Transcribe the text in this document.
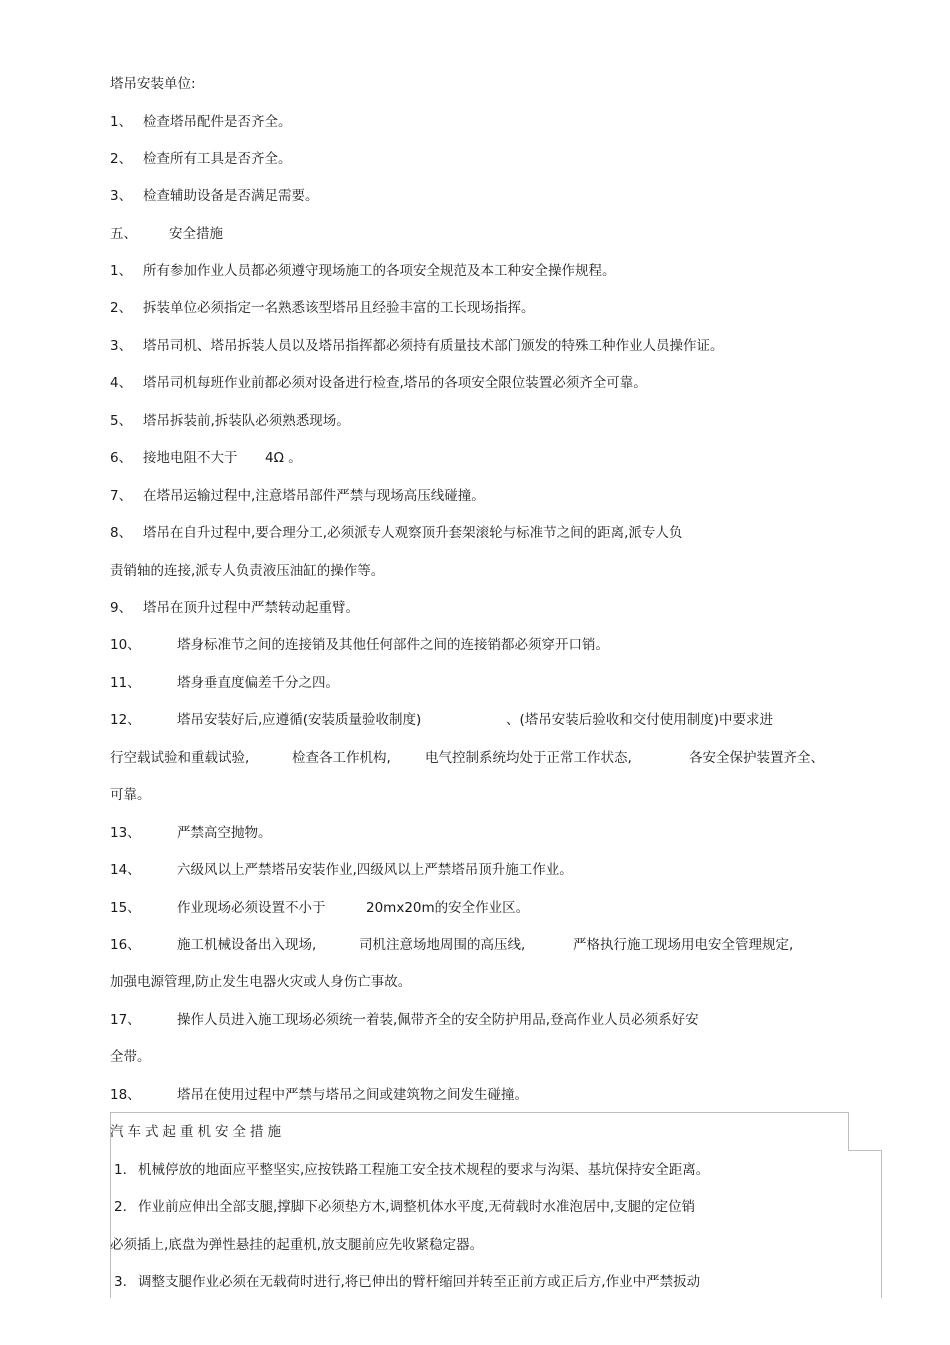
塔吊安装单位:
1、 检查塔吊配件是否齐全。
2、 检查所有工具是否齐全。
3、 检查辅助设备是否满足需要。
五、 安全措施
1、 所有参加作业人员都必须遵守现场施工的各项安全规范及本工种安全操作规程。
2、 拆装单位必须指定一名熟悉该型塔吊且经验丰富的工长现场指挥。
3、 塔吊司机、塔吊拆装人员以及塔吊指挥都必须持有质量技术部门颁发的特殊工种作业人员操作证。
4、 塔吊司机每班作业前都必须对设备进行检查,塔吊的各项安全限位装置必须齐全可靠。
5、 塔吊拆装前,拆装队必须熟悉现场。
6、 接地电阻不大于 4Ω 。
7、 在塔吊运输过程中,注意塔吊部件严禁与现场高压线碰撞。
8、 塔吊在自升过程中,要合理分工,必须派专人观察顶升套架滚轮与标准节之间的距离,派专人负
责销轴的连接,派专人负责液压油缸的操作等。
9、 塔吊在顶升过程中严禁转动起重臂。
10、	塔身标准节之间的连接销及其他任何部件之间的连接销都必须穿开口销。
11、	塔身垂直度偏差千分之四。
12、	塔吊安装好后,应遵循(安装质量验收制度)	、(塔吊安装后验收和交付使用制度)中要求进
行空载试验和重载试验,	检查各工作机构,	电气控制系统均处于正常工作状态,	各安全保护装置齐全、
可靠。
13、	严禁高空抛物。
14、	六级风以上严禁塔吊安装作业,四级风以上严禁塔吊顶升施工作业。
15、	作业现场必须设置不小于	20mx20m的安全作业区。
16、	施工机械设备出入现场,	司机注意场地周围的高压线,	严格执行施工现场用电安全管理规定,
加强电源管理,防止发生电器火灾或人身伤亡事故。
17、	操作人员进入施工现场必须统一着装,佩带齐全的安全防护用品,登高作业人员必须系好安
全带。
18、	塔吊在使用过程中严禁与塔吊之间或建筑物之间发生碰撞。
汽车式起重机安全措施
1. 机械停放的地面应平整坚实,应按铁路工程施工安全技术规程的要求与沟渠、基坑保持安全距离。
2. 作业前应伸出全部支腿,撑脚下必须垫方木,调整机体水平度,无荷载时水准泡居中,支腿的定位销
必须插上,底盘为弹性悬挂的起重机,放支腿前应先收紧稳定器。
3. 调整支腿作业必须在无载荷时进行,将已伸出的臂杆缩回并转至正前方或正后方,作业中严禁扳动
